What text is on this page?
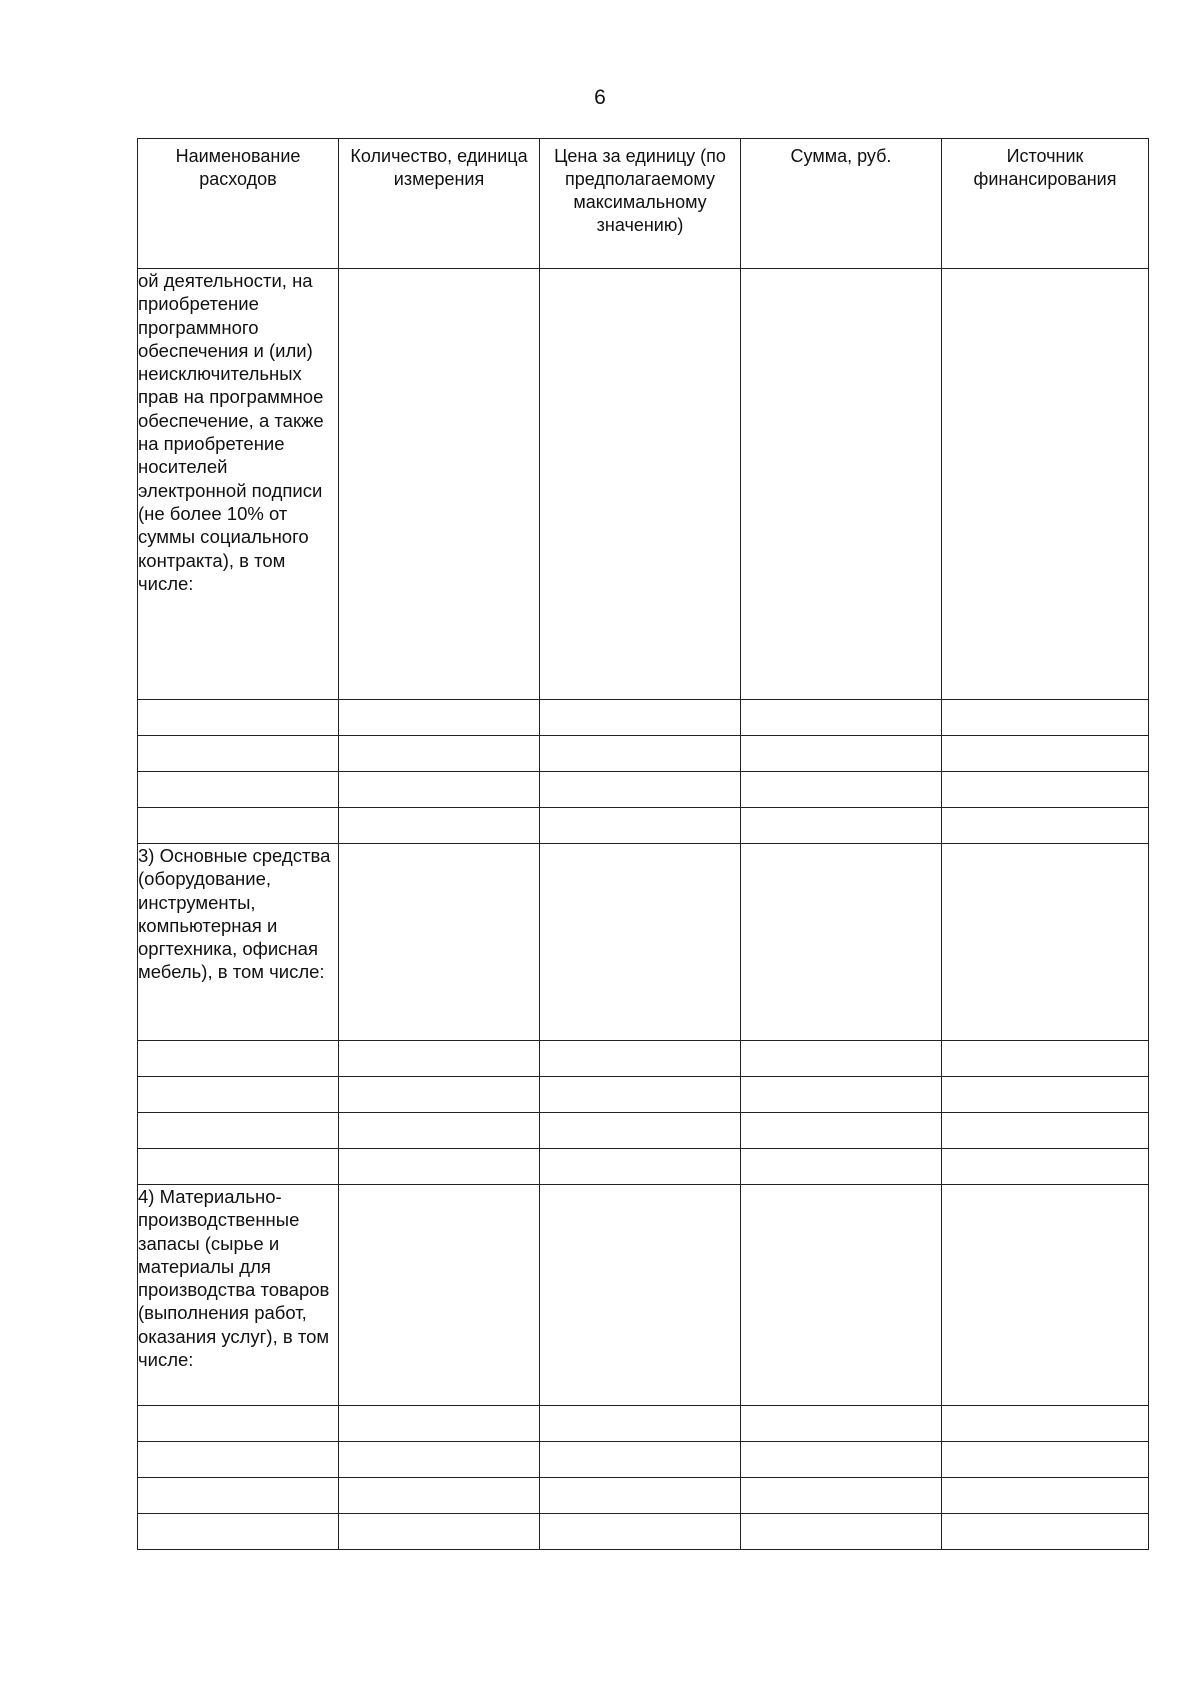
6
Наименование расходов	Количество, единица измерения	Цена за единицу (по предполагаемому максимальному значению)	Сумма, руб.	Источник финансирования
ой деятельности, на приобретение программного обеспечения и (или) неисключительных прав на программное обеспечение, а также на приобретение носителей электронной подписи (не более 10% от суммы социального контракта), в том числе:				

3) Основные средства (оборудование, инструменты, компьютерная и оргтехника, офисная мебель), в том числе:				

4) Материально-производственные запасы (сырье и материалы для производства товаров (выполнения работ, оказания услуг), в том числе:				
